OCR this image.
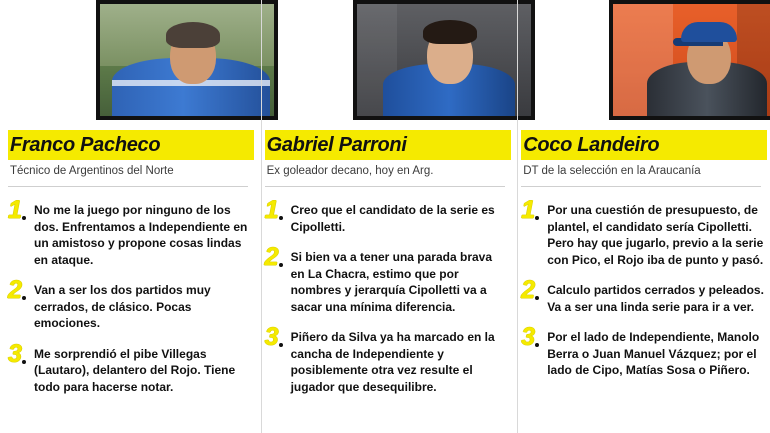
Franco Pacheco
Técnico de Argentinos del Norte
1 No me la juego por ninguno de los dos. Enfrentamos a Independiente en un amistoso y propone cosas lindas en ataque.
2 Van a ser los dos partidos muy cerrados, de clásico. Pocas emociones.
3 Me sorprendió el pibe Villegas (Lautaro), delantero del Rojo. Tiene todo para hacerse notar.
Gabriel Parroni
Ex goleador decano, hoy en Arg.
1 Creo que el candidato de la serie es Cipolletti.
2 Si bien va a tener una parada brava en La Chacra, estimo que por nombres y jerarquía Cipolletti va a sacar una mínima diferencia.
3 Piñero da Silva ya ha marcado en la cancha de Independiente y posiblemente otra vez resulte el jugador que desequilibre.
Coco Landeiro
DT de la selección en la Araucanía
1 Por una cuestión de presupuesto, de plantel, el candidato sería Cipolletti. Pero hay que jugarlo, previo a la serie con Pico, el Rojo iba de punto y pasó.
2 Calculo partidos cerrados y peleados. Va a ser una linda serie para ir a ver.
3 Por el lado de Independiente, Manolo Berra o Juan Manuel Vázquez; por el lado de Cipo, Matías Sosa o Piñero.
